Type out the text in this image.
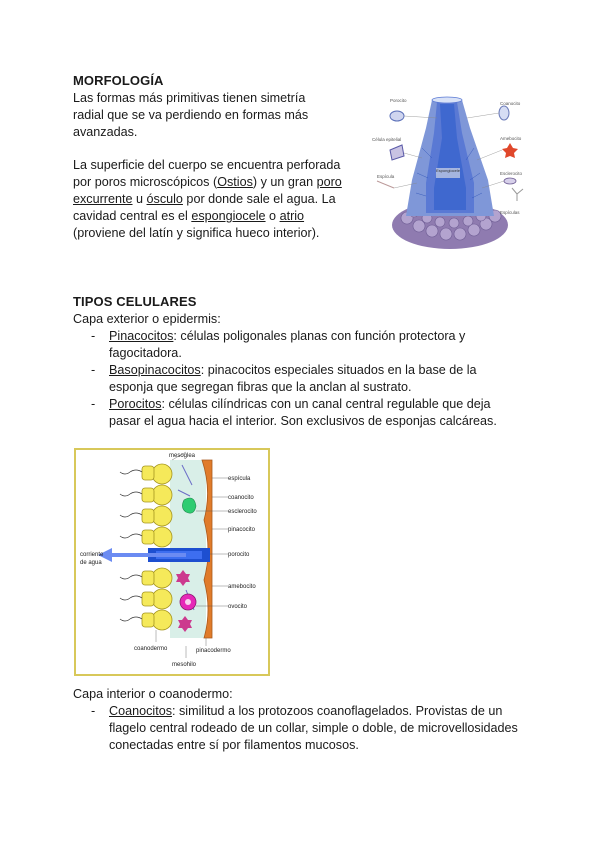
MORFOLOGÍA

Las formas más primitivas tienen simetría radial que se va perdiendo en formas más avanzadas.

La superficie del cuerpo se encuentra perforada por poros microscópicos (Ostios) y un gran poro excurrente u ósculo por donde sale el agua. La cavidad central es el espongiocele o atrio (proviene del latín y significa hueco interior).

Espongiocele
Porocito
Coanocito
Célula epitelial	Amebocito
Espícula
Esclerocito
Espículas
TIPOS CELULARES

Capa exterior o epidermis:

- Pinacocitos: células poligonales planas con función protectora y fagocitadora.
- Basopinacocitos: pinacocitos especiales situados en la base de la esponja que segregan fibras que la anclan al sustrato.
- Porocitos: células cilíndricas con un canal central regulable que deja pasar el agua hacia el interior. Son exclusivos de esponjas calcáreas.
mesoglea
espícula
coanocito
esclerocito
pinacocito
corriente
de agua
porocito
amebocito
ovocito
coanodermo	pinacodermo
mesohilo

Capa interior o coanodermo:

- Coanocitos: similitud a los protozoos coanoflagelados. Provistas de un flagelo central rodeado de un collar, simple o doble, de microvellosidades conectadas entre sí por filamentos mucosos.
